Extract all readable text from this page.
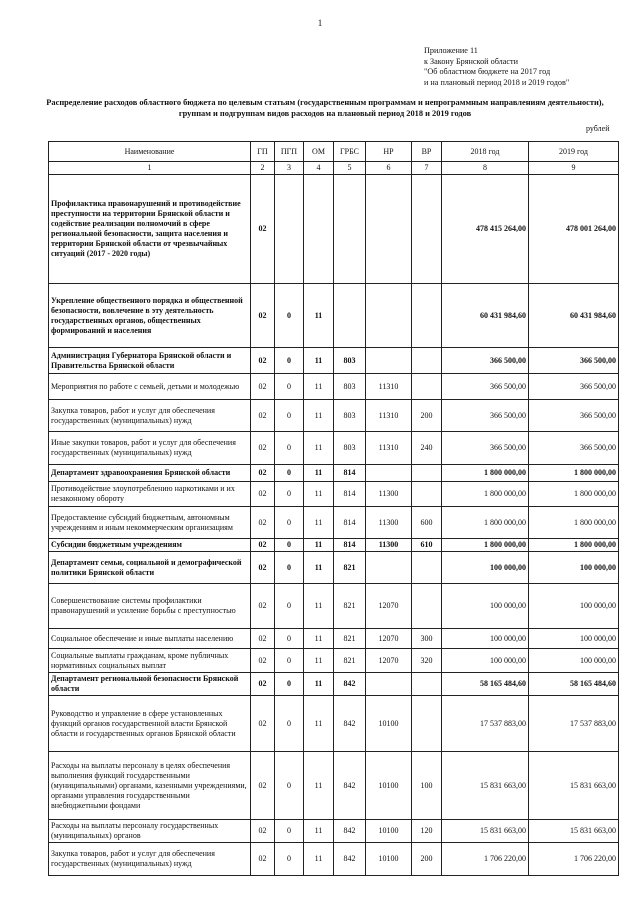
1
Приложение 11
к Закону Брянской области
"Об областном бюджете на 2017 год
и на плановый период 2018 и 2019 годов"
Распределение расходов областного бюджета по целевым статьям (государственным программам и непрограммным направлениям деятельности), группам и подгруппам видов расходов на плановый период 2018 и 2019 годов
рублей
Наименование	ГП	ПГП	ОМ	ГРБС	НР	ВР	2018 год	2019 год
1	2	3	4	5	6	7	8	9
Профилактика правонарушений и противодействие преступности на территории Брянской области и содействие реализации полномочий в сфере региональной безопасности, защита населения и территории Брянской области от чрезвычайных ситуаций (2017 - 2020 годы)	02						478 415 264,00	478 001 264,00
Укрепление общественного порядка и общественной безопасности, вовлечение в эту деятельность государственных органов, общественных формирований и населения	02	0	11				60 431 984,60	60 431 984,60
Администрация Губернатора Брянской области и Правительства Брянской области	02	0	11	803			366 500,00	366 500,00
Мероприятия по работе с семьей, детьми и молодежью	02	0	11	803	11310		366 500,00	366 500,00
Закупка товаров, работ и услуг для обеспечения государственных (муниципальных) нужд	02	0	11	803	11310	200	366 500,00	366 500,00
Иные закупки товаров, работ и услуг для обеспечения государственных (муниципальных) нужд	02	0	11	803	11310	240	366 500,00	366 500,00
Департамент здравоохранения Брянской области	02	0	11	814			1 800 000,00	1 800 000,00
Противодействие злоупотреблению наркотиками и их незаконному обороту	02	0	11	814	11300		1 800 000,00	1 800 000,00
Предоставление субсидий бюджетным, автономным учреждениям и иным некоммерческим организациям	02	0	11	814	11300	600	1 800 000,00	1 800 000,00
Субсидии бюджетным учреждениям	02	0	11	814	11300	610	1 800 000,00	1 800 000,00
Департамент семьи, социальной и демографической политики Брянской области	02	0	11	821			100 000,00	100 000,00
Совершенствование системы профилактики правонарушений и усиление борьбы с преступностью	02	0	11	821	12070		100 000,00	100 000,00
Социальное обеспечение и иные выплаты населению	02	0	11	821	12070	300	100 000,00	100 000,00
Социальные выплаты гражданам, кроме публичных нормативных социальных выплат	02	0	11	821	12070	320	100 000,00	100 000,00
Департамент региональной безопасности Брянской области	02	0	11	842			58 165 484,60	58 165 484,60
Руководство и управление в сфере установленных функций органов государственной власти Брянской области и государственных органов Брянской области	02	0	11	842	10100		17 537 883,00	17 537 883,00
Расходы на выплаты персоналу в целях обеспечения выполнения функций государственными (муниципальными) органами, казенными учреждениями, органами управления государственными внебюджетными фондами	02	0	11	842	10100	100	15 831 663,00	15 831 663,00
Расходы на выплаты персоналу государственных (муниципальных) органов	02	0	11	842	10100	120	15 831 663,00	15 831 663,00
Закупка товаров, работ и услуг для обеспечения государственных (муниципальных) нужд	02	0	11	842	10100	200	1 706 220,00	1 706 220,00
